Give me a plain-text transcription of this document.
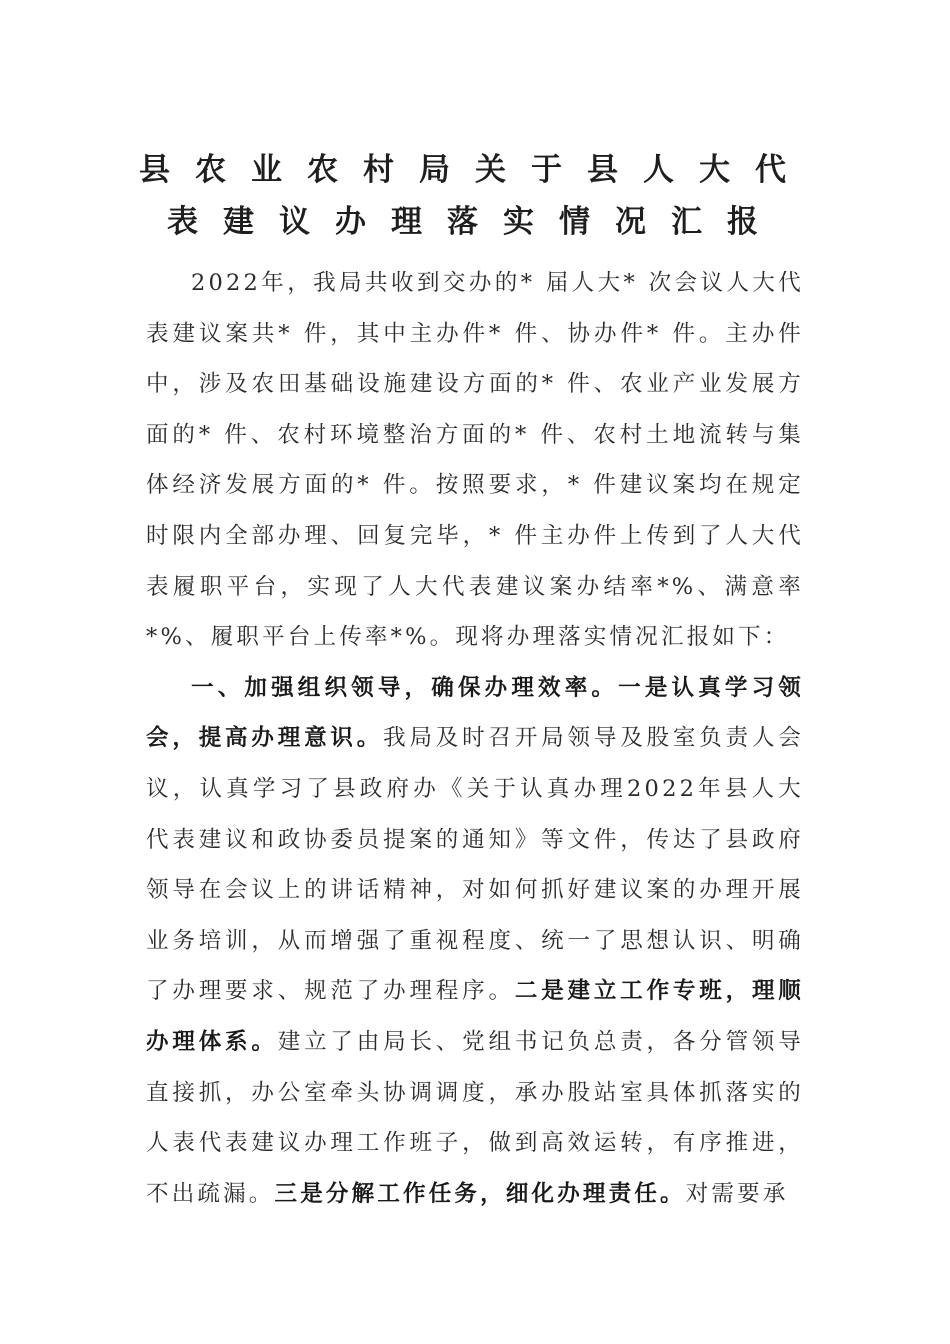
县农业农村局关于县人大代
表建议办理落实情况汇报

2022年，我局共收到交办的* 届人大* 次会议人大代表建议案共* 件，其中主办件* 件、协办件* 件。主办件中，涉及农田基础设施建设方面的* 件、农业产业发展方面的* 件、农村环境整治方面的* 件、农村土地流转与集体经济发展方面的* 件。按照要求，* 件建议案均在规定时限内全部办理、回复完毕，* 件主办件上传到了人大代表履职平台，实现了人大代表建议案办结率*%、满意率*%、履职平台上传率*%。现将办理落实情况汇报如下：

一、加强组织领导，确保办理效率。一是认真学习领会，提高办理意识。我局及时召开局领导及股室负责人会议，认真学习了县政府办《关于认真办理2022年县人大代表建议和政协委员提案的通知》等文件，传达了县政府领导在会议上的讲话精神，对如何抓好建议案的办理开展业务培训，从而增强了重视程度、统一了思想认识、明确了办理要求、规范了办理程序。二是建立工作专班，理顺办理体系。建立了由局长、党组书记负总责，各分管领导直接抓，办公室牵头协调调度，承办股站室具体抓落实的人表代表建议办理工作班子，做到高效运转，有序推进，不出疏漏。三是分解工作任务，细化办理责任。对需要承
